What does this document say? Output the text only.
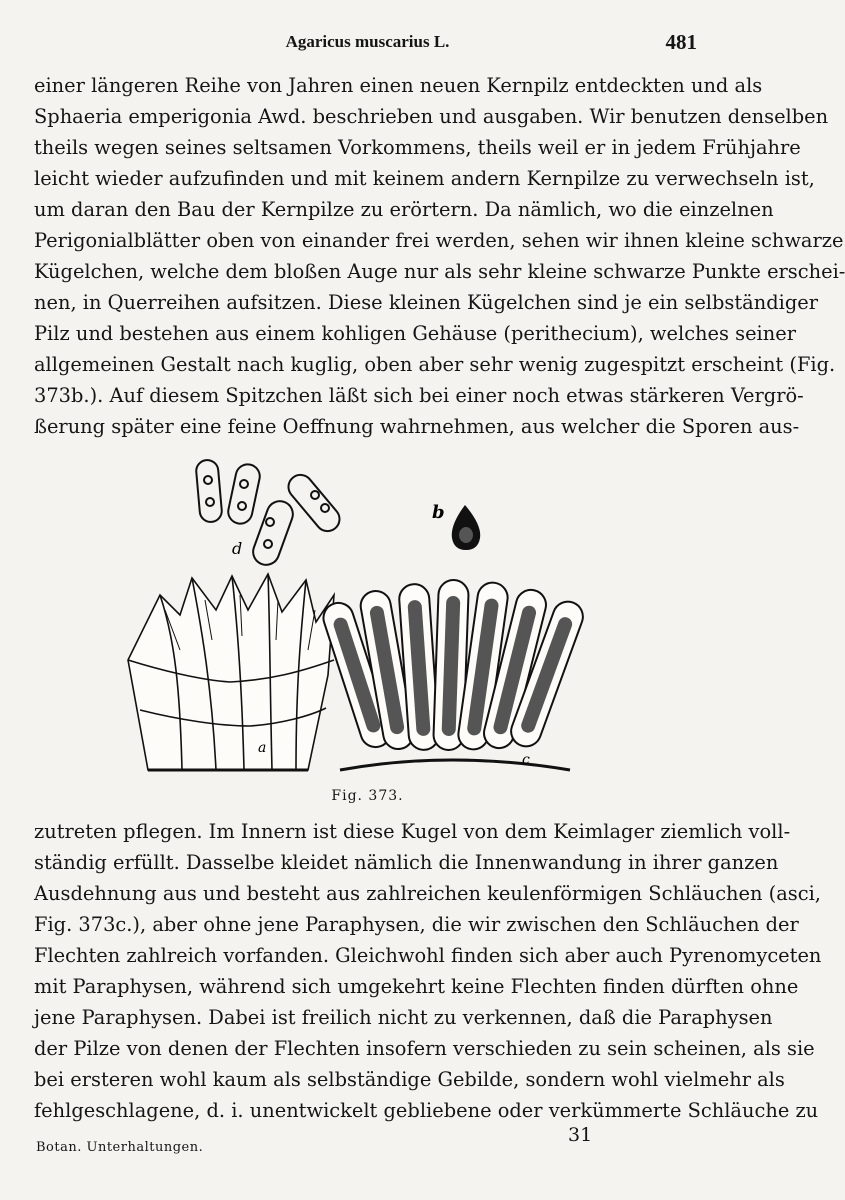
Agaricus muscarius L.	481
einer längeren Reihe von Jahren einen neuen Kernpilz entdeckten und als
Sphaeria emperigonia Awd. beschrieben und ausgaben. Wir benutzen denselben
theils wegen seines seltsamen Vorkommens, theils weil er in jedem Frühjahre
leicht wieder aufzufinden und mit keinem andern Kernpilze zu verwechseln ist,
um daran den Bau der Kernpilze zu erörtern. Da nämlich, wo die einzelnen
Perigonialblätter oben von einander frei werden, sehen wir ihnen kleine schwarze
Kügelchen, welche dem bloßen Auge nur als sehr kleine schwarze Punkte erschei-
nen, in Querreihen aufsitzen. Diese kleinen Kügelchen sind je ein selbständiger
Pilz und bestehen aus einem kohligen Gehäuse (perithecium), welches seiner
allgemeinen Gestalt nach kuglig, oben aber sehr wenig zugespitzt erscheint (Fig.
373b.). Auf diesem Spitzchen läßt sich bei einer noch etwas stärkeren Vergrö-
ßerung später eine feine Oeffnung wahrnehmen, aus welcher die Sporen aus-
d
b
a
c
Fig. 373.
zutreten pflegen. Im Innern ist diese Kugel von dem Keimlager ziemlich voll-
ständig erfüllt. Dasselbe kleidet nämlich die Innenwandung in ihrer ganzen
Ausdehnung aus und besteht aus zahlreichen keulenförmigen Schläuchen (asci,
Fig. 373c.), aber ohne jene Paraphysen, die wir zwischen den Schläuchen der
Flechten zahlreich vorfanden. Gleichwohl finden sich aber auch Pyrenomyceten
mit Paraphysen, während sich umgekehrt keine Flechten finden dürften ohne
jene Paraphysen. Dabei ist freilich nicht zu verkennen, daß die Paraphysen
der Pilze von denen der Flechten insofern verschieden zu sein scheinen, als sie
bei ersteren wohl kaum als selbständige Gebilde, sondern wohl vielmehr als
fehlgeschlagene, d. i. unentwickelt gebliebene oder verkümmerte Schläuche zu
Botan. Unterhaltungen.
31
